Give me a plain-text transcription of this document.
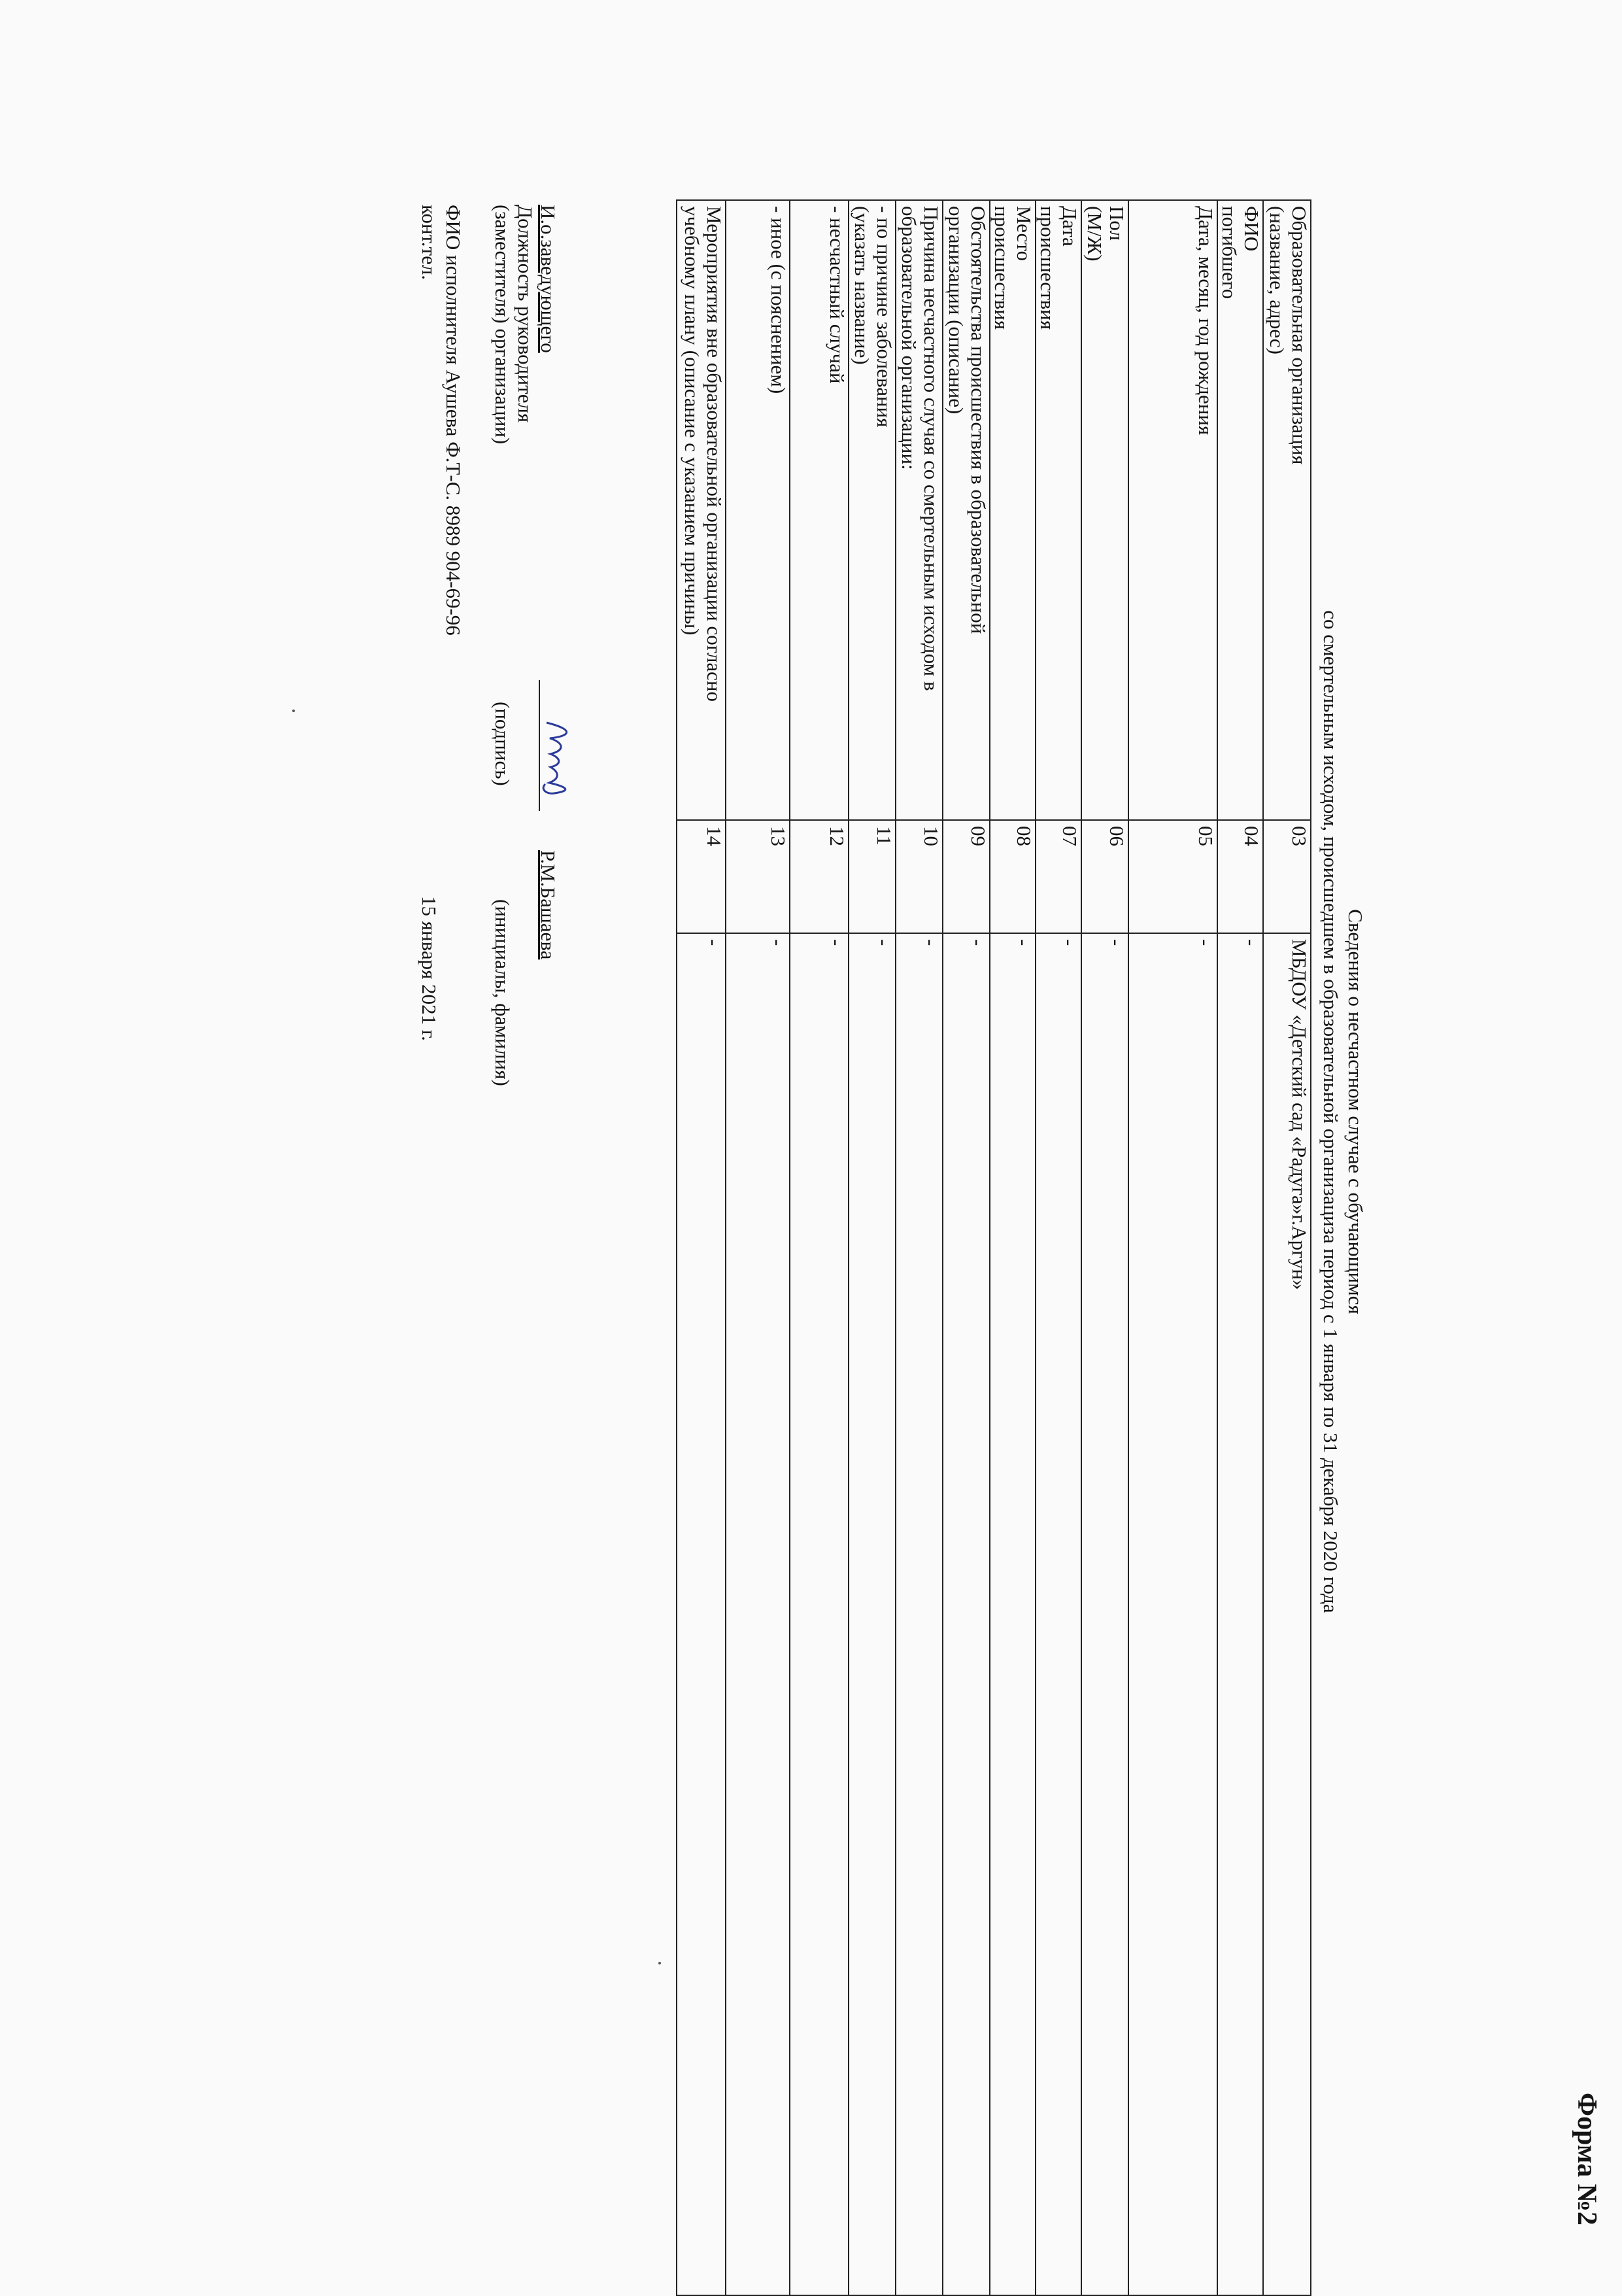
Форма №2
Сведения о несчастном случае с обучающимся
со смертельным исходом, происшедшем в образовательной организациза период с 1 января по 31 декабря 2020 года
Образовательная организация
(название, адрес)	03	МБДОУ «Детский сад «Радуга»г.Аргун»
ФИО
погибшего	04	-
Дата, месяц, год рождения	05	-
Пол
(М/Ж)	06	-
Дата
происшествия	07	-
Место
происшествия	08	-
Обстоятельства происшествия в образовательной
организации (описание)	09	-
Причина несчастного случая со смертельным исходом в
образовательной организации:	10	-
- по причине заболевания
(указать название)	11	-
- несчастный случай	12	-
- иное (с пояснением)	13	-
Мероприятия вне образовательной организации согласно
учебному плану (описание с указанием причины)	14	-
И.о.заведующего
Должность руководителя
(заместителя) организации)
(подпись)
Р.М.Башаева
(инициалы, фамилия)
ФИО исполнителя Аушева Ф.Т-С. 8989 904-69-96
конт.тел.
15 января 2021 г.
